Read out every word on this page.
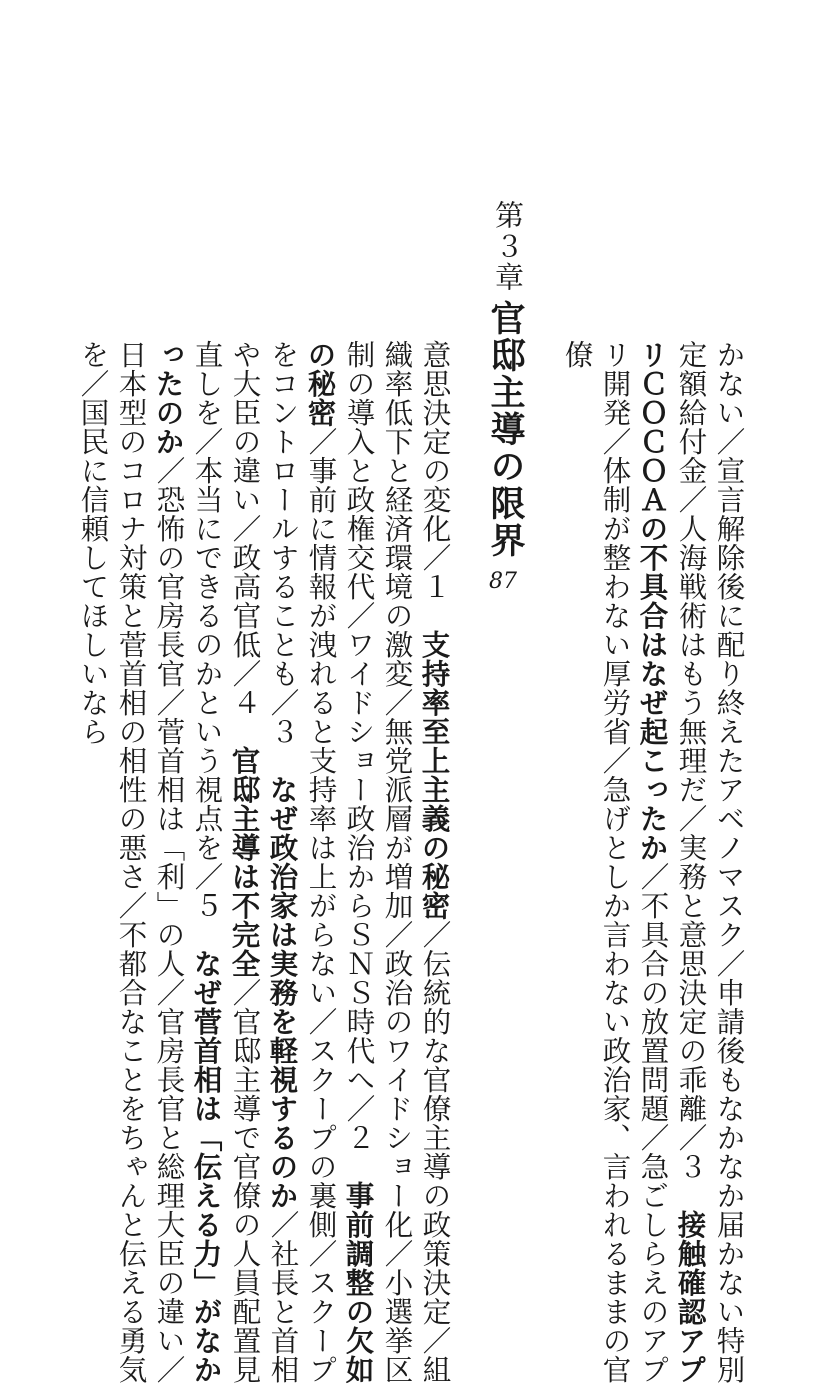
かない／宣言解除後に配り終えたアベノマスク／申請後もなかなか届かない特別
定額給付金／人海戦術はもう無理だ／実務と意思決定の乖離／３　接触確認アプ
リＣＯＣＯＡの不具合はなぜ起こったか／不具合の放置問題／急ごしらえのアプ
リ開発／体制が整わない厚労省／急げとしか言わない政治家、言われるままの官
僚
第３章
官邸主導の限界
87
意思決定の変化／１　支持率至上主義の秘密／伝統的な官僚主導の政策決定／組
織率低下と経済環境の激変／無党派層が増加／政治のワイドショー化／小選挙区
制の導入と政権交代／ワイドショー政治からＳＮＳ時代へ／２　事前調整の欠如
の秘密／事前に情報が洩れると支持率は上がらない／スクープの裏側／スクープ
をコントロールすることも／３　なぜ政治家は実務を軽視するのか／社長と首相
や大臣の違い／政高官低／４　官邸主導は不完全／官邸主導で官僚の人員配置見
直しを／本当にできるのかという視点を／５　なぜ菅首相は「伝える力」がなか
ったのか／恐怖の官房長官／菅首相は「利」の人／官房長官と総理大臣の違い／
日本型のコロナ対策と菅首相の相性の悪さ／不都合なことをちゃんと伝える勇気
を／国民に信頼してほしいなら
